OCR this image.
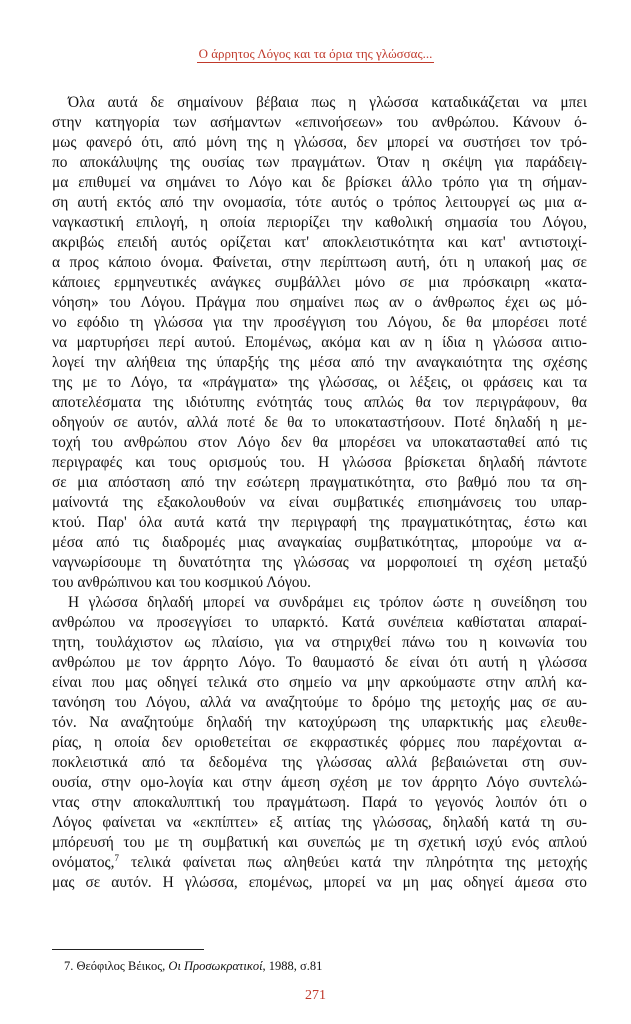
Ο άρρητος Λόγος και τα όρια της γλώσσας...
Όλα αυτά δε σημαίνουν βέβαια πως η γλώσσα καταδικάζεται να μπει
στην κατηγορία των ασήμαντων «επινοήσεων» του ανθρώπου. Κάνουν ό-
μως φανερό ότι, από μόνη της η γλώσσα, δεν μπορεί να συστήσει τον τρό-
πο αποκάλυψης της ουσίας των πραγμάτων. Όταν η σκέψη για παράδειγ-
μα επιθυμεί να σημάνει το Λόγο και δε βρίσκει άλλο τρόπο για τη σήμαν-
ση αυτή εκτός από την ονομασία, τότε αυτός ο τρόπος λειτουργεί ως μια α-
ναγκαστική επιλογή, η οποία περιορίζει την καθολική σημασία του Λόγου,
ακριβώς επειδή αυτός ορίζεται κατ' αποκλειστικότητα και κατ' αντιστοιχί-
α προς κάποιο όνομα. Φαίνεται, στην περίπτωση αυτή, ότι η υπακοή μας σε
κάποιες ερμηνευτικές ανάγκες συμβάλλει μόνο σε μια πρόσκαιρη «κατα-
νόηση» του Λόγου. Πράγμα που σημαίνει πως αν ο άνθρωπος έχει ως μό-
νο εφόδιο τη γλώσσα για την προσέγγιση του Λόγου, δε θα μπορέσει ποτέ
να μαρτυρήσει περί αυτού. Επομένως, ακόμα και αν η ίδια η γλώσσα αιτιο-
λογεί την αλήθεια της ύπαρξής της μέσα από την αναγκαιότητα της σχέσης
της με το Λόγο, τα «πράγματα» της γλώσσας, οι λέξεις, οι φράσεις και τα
αποτελέσματα της ιδιότυπης ενότητάς τους απλώς θα τον περιγράφουν, θα
οδηγούν σε αυτόν, αλλά ποτέ δε θα το υποκαταστήσουν. Ποτέ δηλαδή η με-
τοχή του ανθρώπου στον Λόγο δεν θα μπορέσει να υποκατασταθεί από τις
περιγραφές και τους ορισμούς του. Η γλώσσα βρίσκεται δηλαδή πάντοτε
σε μια απόσταση από την εσώτερη πραγματικότητα, στο βαθμό που τα ση-
μαίνοντά της εξακολουθούν να είναι συμβατικές επισημάνσεις του υπαρ-
κτού. Παρ' όλα αυτά κατά την περιγραφή της πραγματικότητας, έστω και
μέσα από τις διαδρομές μιας αναγκαίας συμβατικότητας, μπορούμε να α-
ναγνωρίσουμε τη δυνατότητα της γλώσσας να μορφοποιεί τη σχέση μεταξύ
του ανθρώπινου και του κοσμικού Λόγου.
Η γλώσσα δηλαδή μπορεί να συνδράμει εις τρόπον ώστε η συνείδηση του
ανθρώπου να προσεγγίσει το υπαρκτό. Κατά συνέπεια καθίσταται απαραί-
τητη, τουλάχιστον ως πλαίσιο, για να στηριχθεί πάνω του η κοινωνία του
ανθρώπου με τον άρρητο Λόγο. Το θαυμαστό δε είναι ότι αυτή η γλώσσα
είναι που μας οδηγεί τελικά στο σημείο να μην αρκούμαστε στην απλή κα-
τανόηση του Λόγου, αλλά να αναζητούμε το δρόμο της μετοχής μας σε αυ-
τόν. Να αναζητούμε δηλαδή την κατοχύρωση της υπαρκτικής μας ελευθε-
ρίας, η οποία δεν οριοθετείται σε εκφραστικές φόρμες που παρέχονται α-
ποκλειστικά από τα δεδομένα της γλώσσας αλλά βεβαιώνεται στη συν-
ουσία, στην ομο-λογία και στην άμεση σχέση με τον άρρητο Λόγο συντελώ-
ντας στην αποκαλυπτική του πραγμάτωση. Παρά το γεγονός λοιπόν ότι ο
Λόγος φαίνεται να «εκπίπτει» εξ αιτίας της γλώσσας, δηλαδή κατά τη συ-
μπόρευσή του με τη συμβατική και συνεπώς με τη σχετική ισχύ ενός απλού
ονόματος,$^7$ τελικά φαίνεται πως αληθεύει κατά την πληρότητα της μετοχής
μας σε αυτόν. Η γλώσσα, επομένως, μπορεί να μη μας οδηγεί άμεσα στο
7. Θεόφιλος Βέικος, Οι Προσωκρατικοί, 1988, σ.81
271
